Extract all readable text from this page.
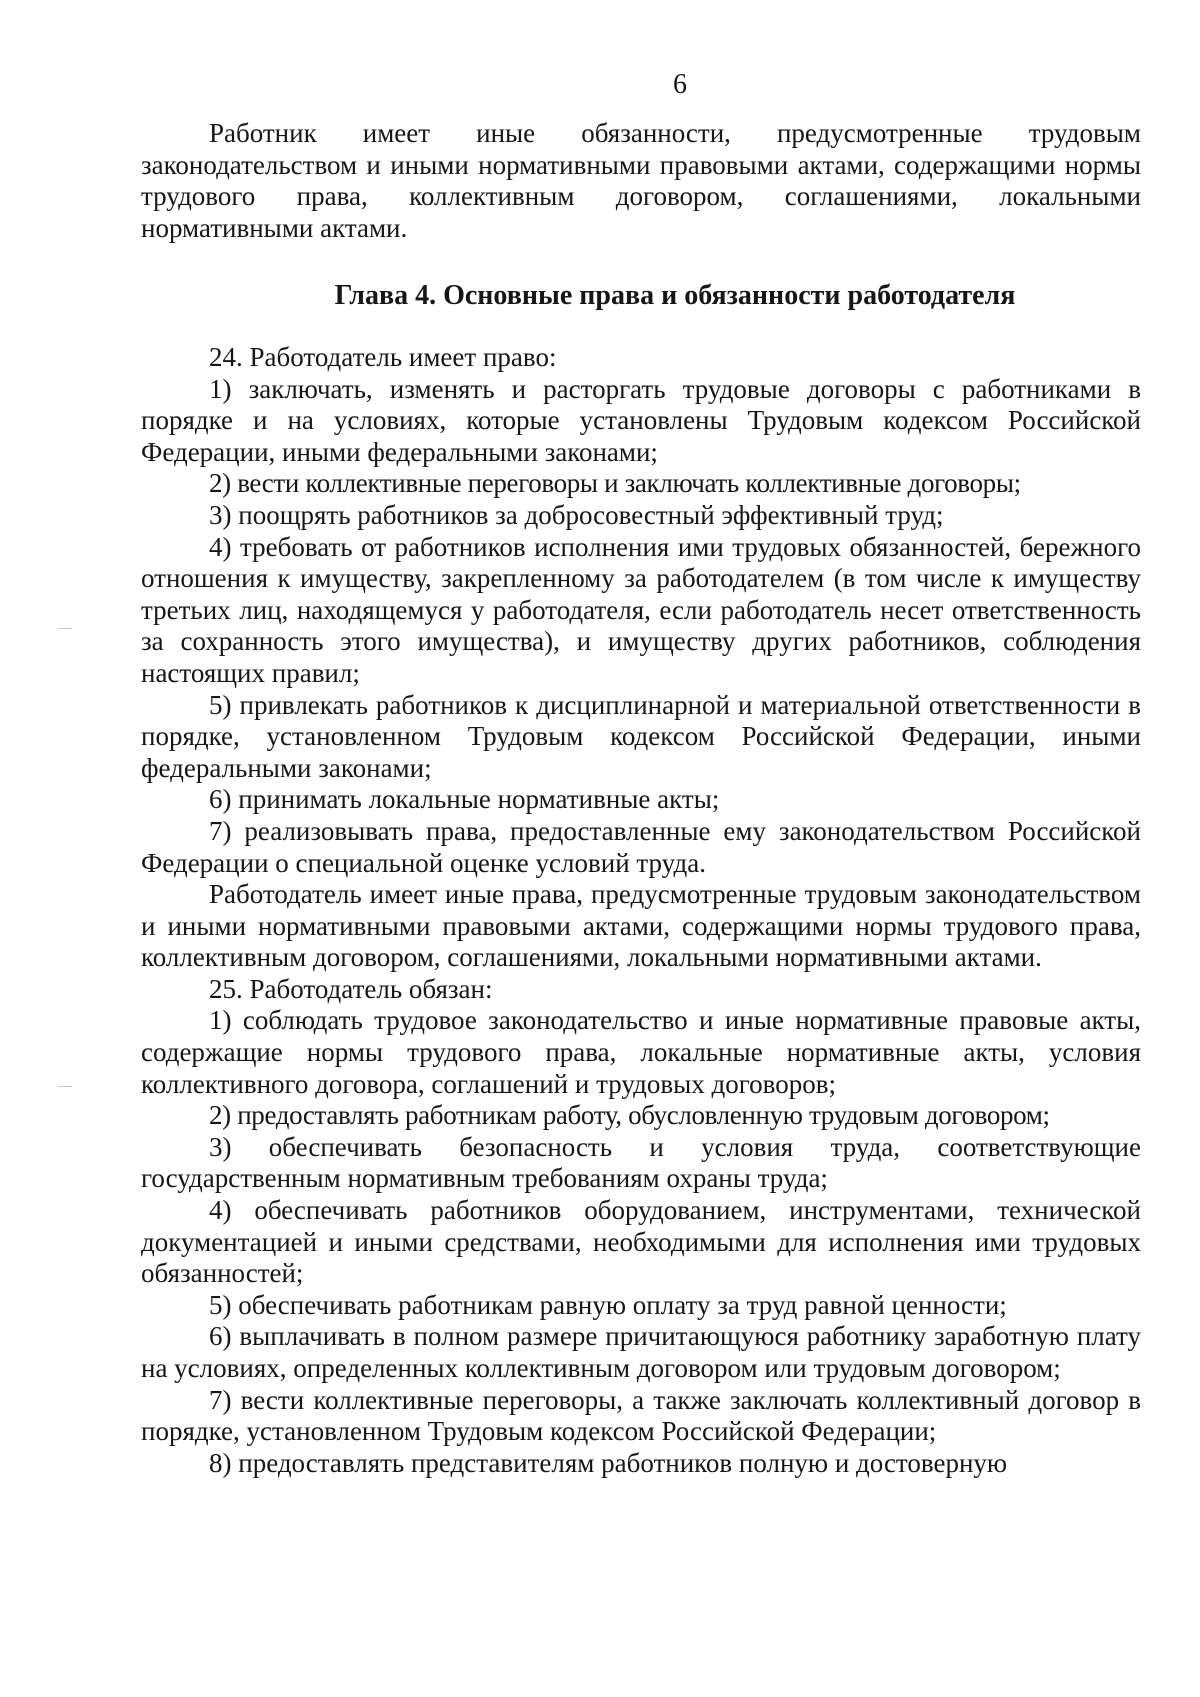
6

Работник имеет иные обязанности, предусмотренные трудовым законодательством и иными нормативными правовыми актами, содержащими нормы трудового права, коллективным договором, соглашениями, локальными нормативными актами.

Глава 4. Основные права и обязанности работодателя

24. Работодатель имеет право:

1) заключать, изменять и расторгать трудовые договоры с работниками в порядке и на условиях, которые установлены Трудовым кодексом Российской Федерации, иными федеральными законами;

2) вести коллективные переговоры и заключать коллективные договоры;

3) поощрять работников за добросовестный эффективный труд;

4) требовать от работников исполнения ими трудовых обязанностей, бережного отношения к имуществу, закрепленному за работодателем (в том числе к имуществу третьих лиц, находящемуся у работодателя, если работодатель несет ответственность за сохранность этого имущества), и имуществу других работников, соблюдения настоящих правил;

5) привлекать работников к дисциплинарной и материальной ответственности в порядке, установленном Трудовым кодексом Российской Федерации, иными федеральными законами;

6) принимать локальные нормативные акты;

7) реализовывать права, предоставленные ему законодательством Российской Федерации о специальной оценке условий труда.

Работодатель имеет иные права, предусмотренные трудовым законодательством и иными нормативными правовыми актами, содержащими нормы трудового права, коллективным договором, соглашениями, локальными нормативными актами.

25. Работодатель обязан:

1) соблюдать трудовое законодательство и иные нормативные правовые акты, содержащие нормы трудового права, локальные нормативные акты, условия коллективного договора, соглашений и трудовых договоров;

2) предоставлять работникам работу, обусловленную трудовым договором;

3) обеспечивать безопасность и условия труда, соответствующие государственным нормативным требованиям охраны труда;

4) обеспечивать работников оборудованием, инструментами, технической документацией и иными средствами, необходимыми для исполнения ими трудовых обязанностей;

5) обеспечивать работникам равную оплату за труд равной ценности;

6) выплачивать в полном размере причитающуюся работнику заработную плату на условиях, определенных коллективным договором или трудовым договором;

7) вести коллективные переговоры, а также заключать коллективный договор в порядке, установленном Трудовым кодексом Российской Федерации;

8) предоставлять представителям работников полную и достоверную
